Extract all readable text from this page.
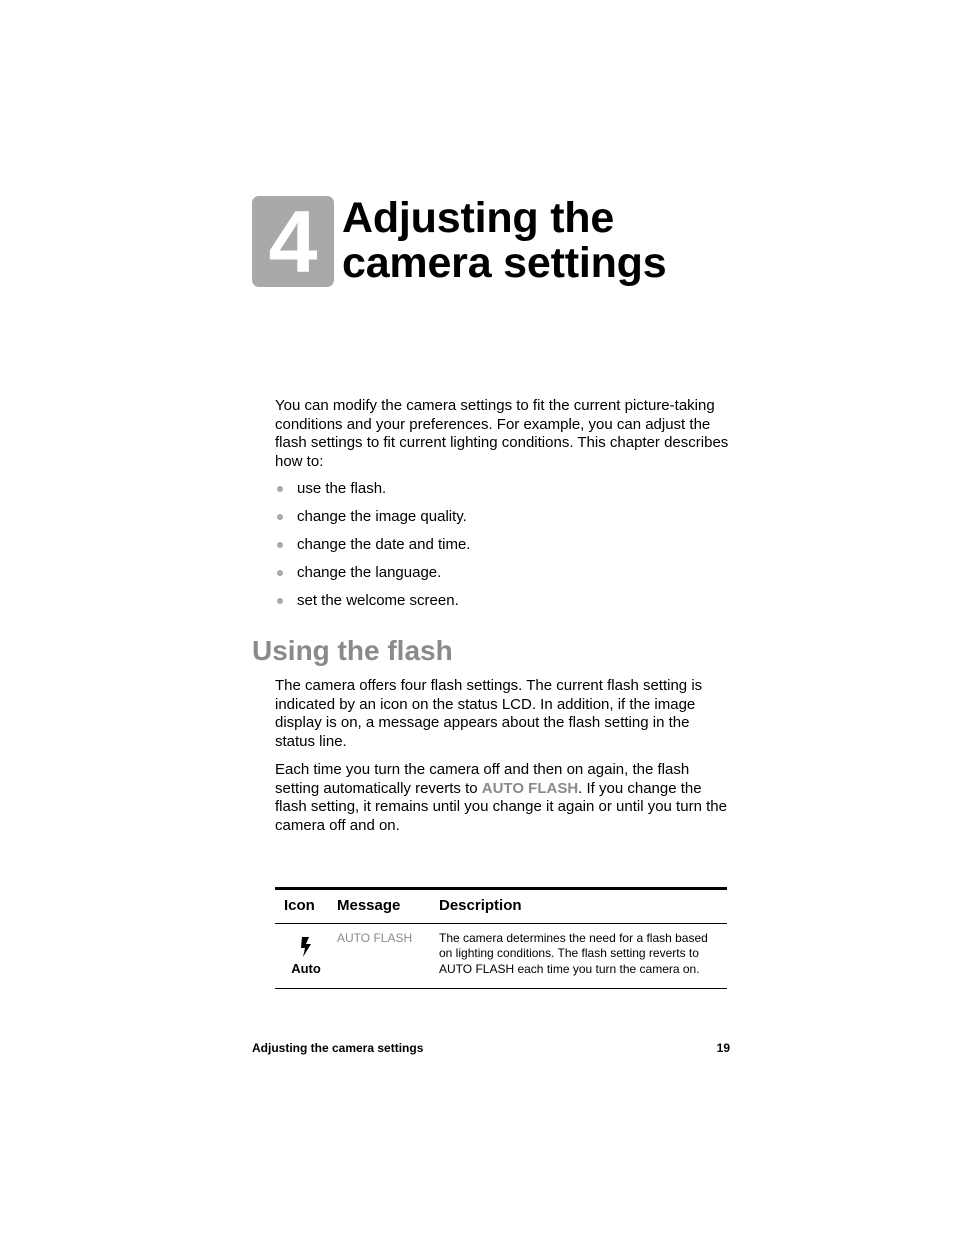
4 Adjusting the
camera settings

You can modify the camera settings to fit the current picture-taking conditions and your preferences. For example, you can adjust the flash settings to fit current lighting conditions. This chapter describes how to:

use the flash.
change the image quality.
change the date and time.
change the language.
set the welcome screen.
Using the flash

The camera offers four flash settings. The current flash setting is indicated by an icon on the status LCD. In addition, if the image display is on, a message appears about the flash setting in the status line.

Each time you turn the camera off and then on again, the flash setting automatically reverts to AUTO FLASH. If you change the flash setting, it remains until you change it again or until you turn the camera off and on.

Icon	Message	Description

Auto	AUTO FLASH	The camera determines the need for a flash based on lighting conditions. The flash setting reverts to AUTO FLASH each time you turn the camera on.
Adjusting the camera settings	19
